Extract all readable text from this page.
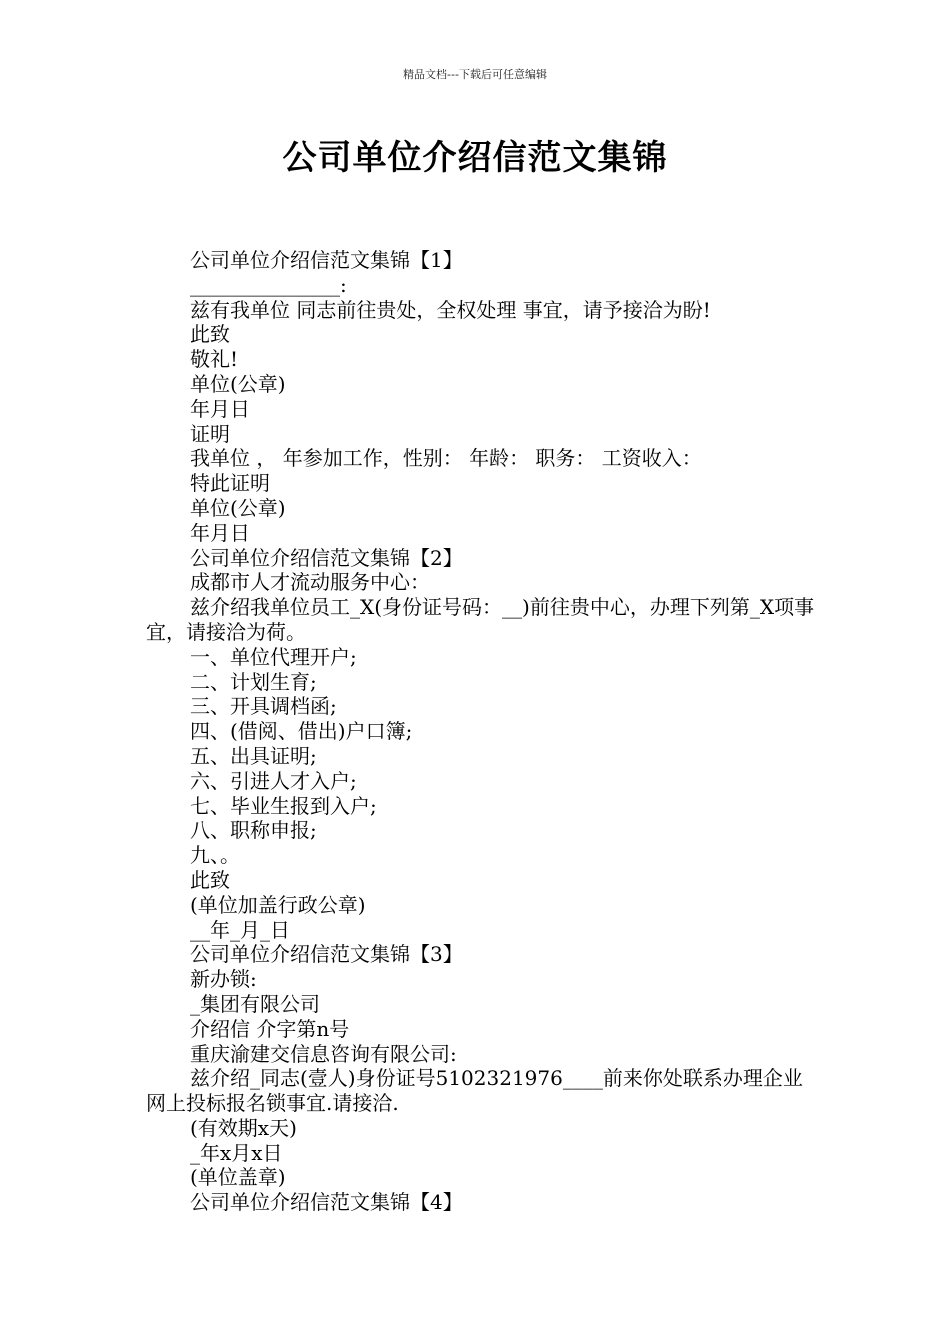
精品文档---下载后可任意编辑
公司单位介绍信范文集锦
公司单位介绍信范文集锦【1】
_______________:
兹有我单位 同志前往贵处，全权处理 事宜，请予接洽为盼!
此致
敬礼!
单位(公章)
年月日
证明
我单位 ， 年参加工作，性别： 年龄： 职务： 工资收入：
特此证明
单位(公章)
年月日
公司单位介绍信范文集锦【2】
成都市人才流动服务中心：
兹介绍我单位员工_X(身份证号码：__)前往贵中心，办理下列第_X项事宜，请接洽为荷。
一、单位代理开户;
二、计划生育;
三、开具调档函;
四、(借阅、借出)户口簿;
五、出具证明;
六、引进人才入户;
七、毕业生报到入户;
八、职称申报;
九、。
此致
(单位加盖行政公章)
__年_月_日
公司单位介绍信范文集锦【3】
新办锁:
_集团有限公司
介绍信 介字第n号
重庆渝建交信息咨询有限公司:
兹介绍_同志(壹人)身份证号5102321976____前来你处联系办理企业网上投标报名锁事宜.请接洽.
(有效期x天)
_年x月x日
(单位盖章)
公司单位介绍信范文集锦【4】
